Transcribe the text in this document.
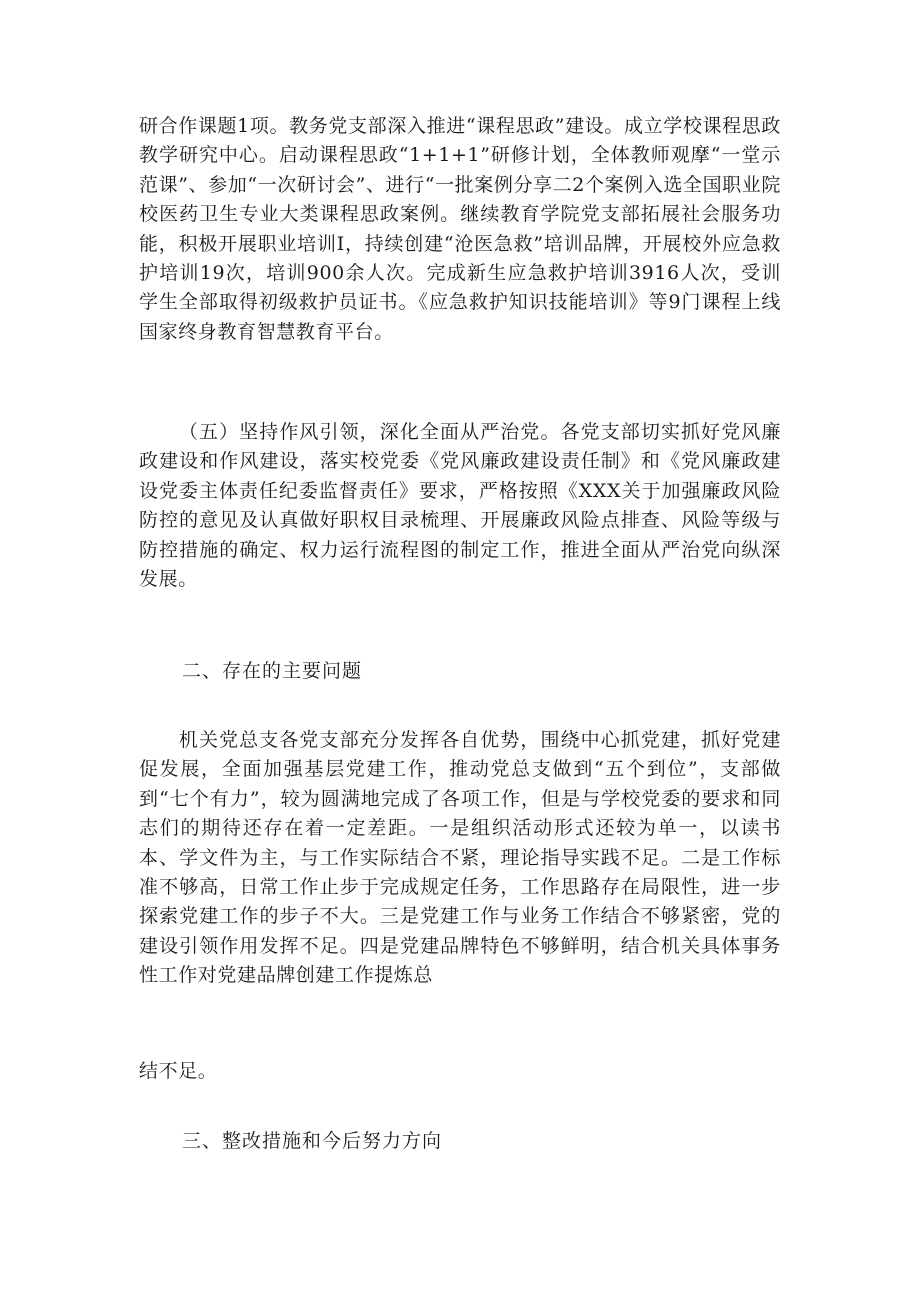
研合作课题1项。教务党支部深入推进“课程思政”建设。成立学校课程思政教学研究中心。启动课程思政“1+1+1”研修计划，全体教师观摩“一堂示范课”、参加“一次研讨会”、进行“一批案例分享二2个案例入选全国职业院校医药卫生专业大类课程思政案例。继续教育学院党支部拓展社会服务功能，积极开展职业培训I，持续创建“沧医急救”培训品牌，开展校外应急救护培训19次，培训900余人次。完成新生应急救护培训3916人次，受训学生全部取得初级救护员证书。《应急救护知识技能培训》等9门课程上线国家终身教育智慧教育平台。

（五）坚持作风引领，深化全面从严治党。各党支部切实抓好党风廉政建设和作风建设，落实校党委《党风廉政建设责任制》和《党风廉政建设党委主体责任纪委监督责任》要求，严格按照《XXX关于加强廉政风险防控的意见及认真做好职权目录梳理、开展廉政风险点排查、风险等级与防控措施的确定、权力运行流程图的制定工作，推进全面从严治党向纵深发展。

二、存在的主要问题

机关党总支各党支部充分发挥各自优势，围绕中心抓党建，抓好党建促发展，全面加强基层党建工作，推动党总支做到“五个到位”，支部做到“七个有力”，较为圆满地完成了各项工作，但是与学校党委的要求和同志们的期待还存在着一定差距。一是组织活动形式还较为单一，以读书本、学文件为主，与工作实际结合不紧，理论指导实践不足。二是工作标准不够高，日常工作止步于完成规定任务，工作思路存在局限性，进一步探索党建工作的步子不大。三是党建工作与业务工作结合不够紧密，党的建设引领作用发挥不足。四是党建品牌特色不够鲜明，结合机关具体事务性工作对党建品牌创建工作提炼总

结不足。

三、整改措施和今后努力方向
